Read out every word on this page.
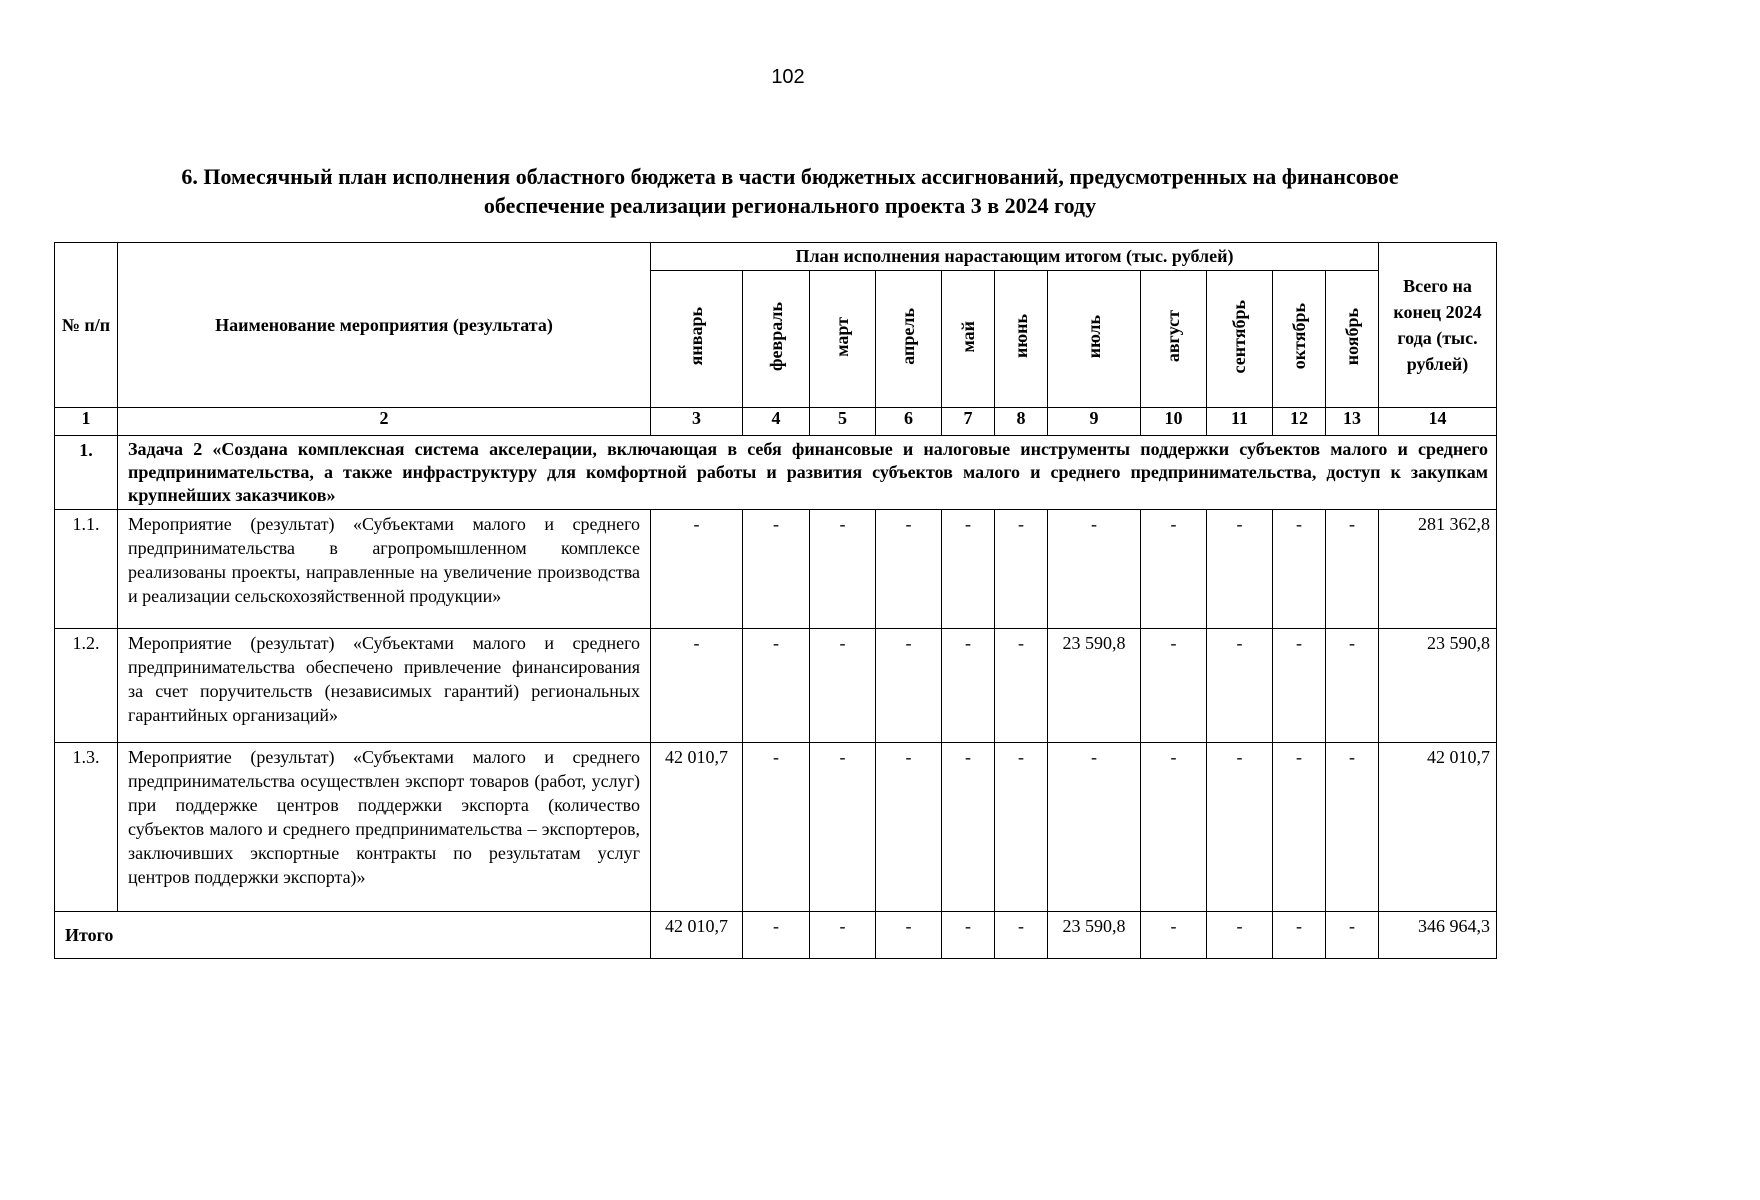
102
6. Помесячный план исполнения областного бюджета в части бюджетных ассигнований, предусмотренных на финансовое
обеспечение реализации регионального проекта 3 в 2024 году
№ п/п	Наименование мероприятия (результата)	План исполнения нарастающим итогом (тыс. рублей)											Всего на конец 2024 года (тыс. рублей)
		январь	февраль	март	апрель	май	июнь	июль	август	сентябрь	октябрь	ноябрь	
1	2	3	4	5	6	7	8	9	10	11	12	13	14
1.	Задача 2 «Создана комплексная система акселерации, включающая в себя финансовые и налоговые инструменты поддержки субъектов малого и среднего предпринимательства, а также инфраструктуру для комфортной работы и развития субъектов малого и среднего предпринимательства, доступ к закупкам крупнейших заказчиков»												
1.1.	Мероприятие (результат) «Субъектами малого и среднего предпринимательства в агропромышленном комплексе реализованы проекты, направленные на увеличение производства и реализации сельскохозяйственной продукции»	-	-	-	-	-	-	-	-	-	-	-	281 362,8
1.2.	Мероприятие (результат) «Субъектами малого и среднего предпринимательства обеспечено привлечение финансирования за счет поручительств (независимых гарантий) региональных гарантийных организаций»	-	-	-	-	-	-	23 590,8	-	-	-	-	23 590,8
1.3.	Мероприятие (результат) «Субъектами малого и среднего предпринимательства осуществлен экспорт товаров (работ, услуг) при поддержке центров поддержки экспорта (количество субъектов малого и среднего предпринимательства – экспортеров, заключивших экспортные контракты по результатам услуг центров поддержки экспорта)»	42 010,7	-	-	-	-	-	-	-	-	-	-	42 010,7
Итого		42 010,7	-	-	-	-	-	23 590,8	-	-	-	-	346 964,3
